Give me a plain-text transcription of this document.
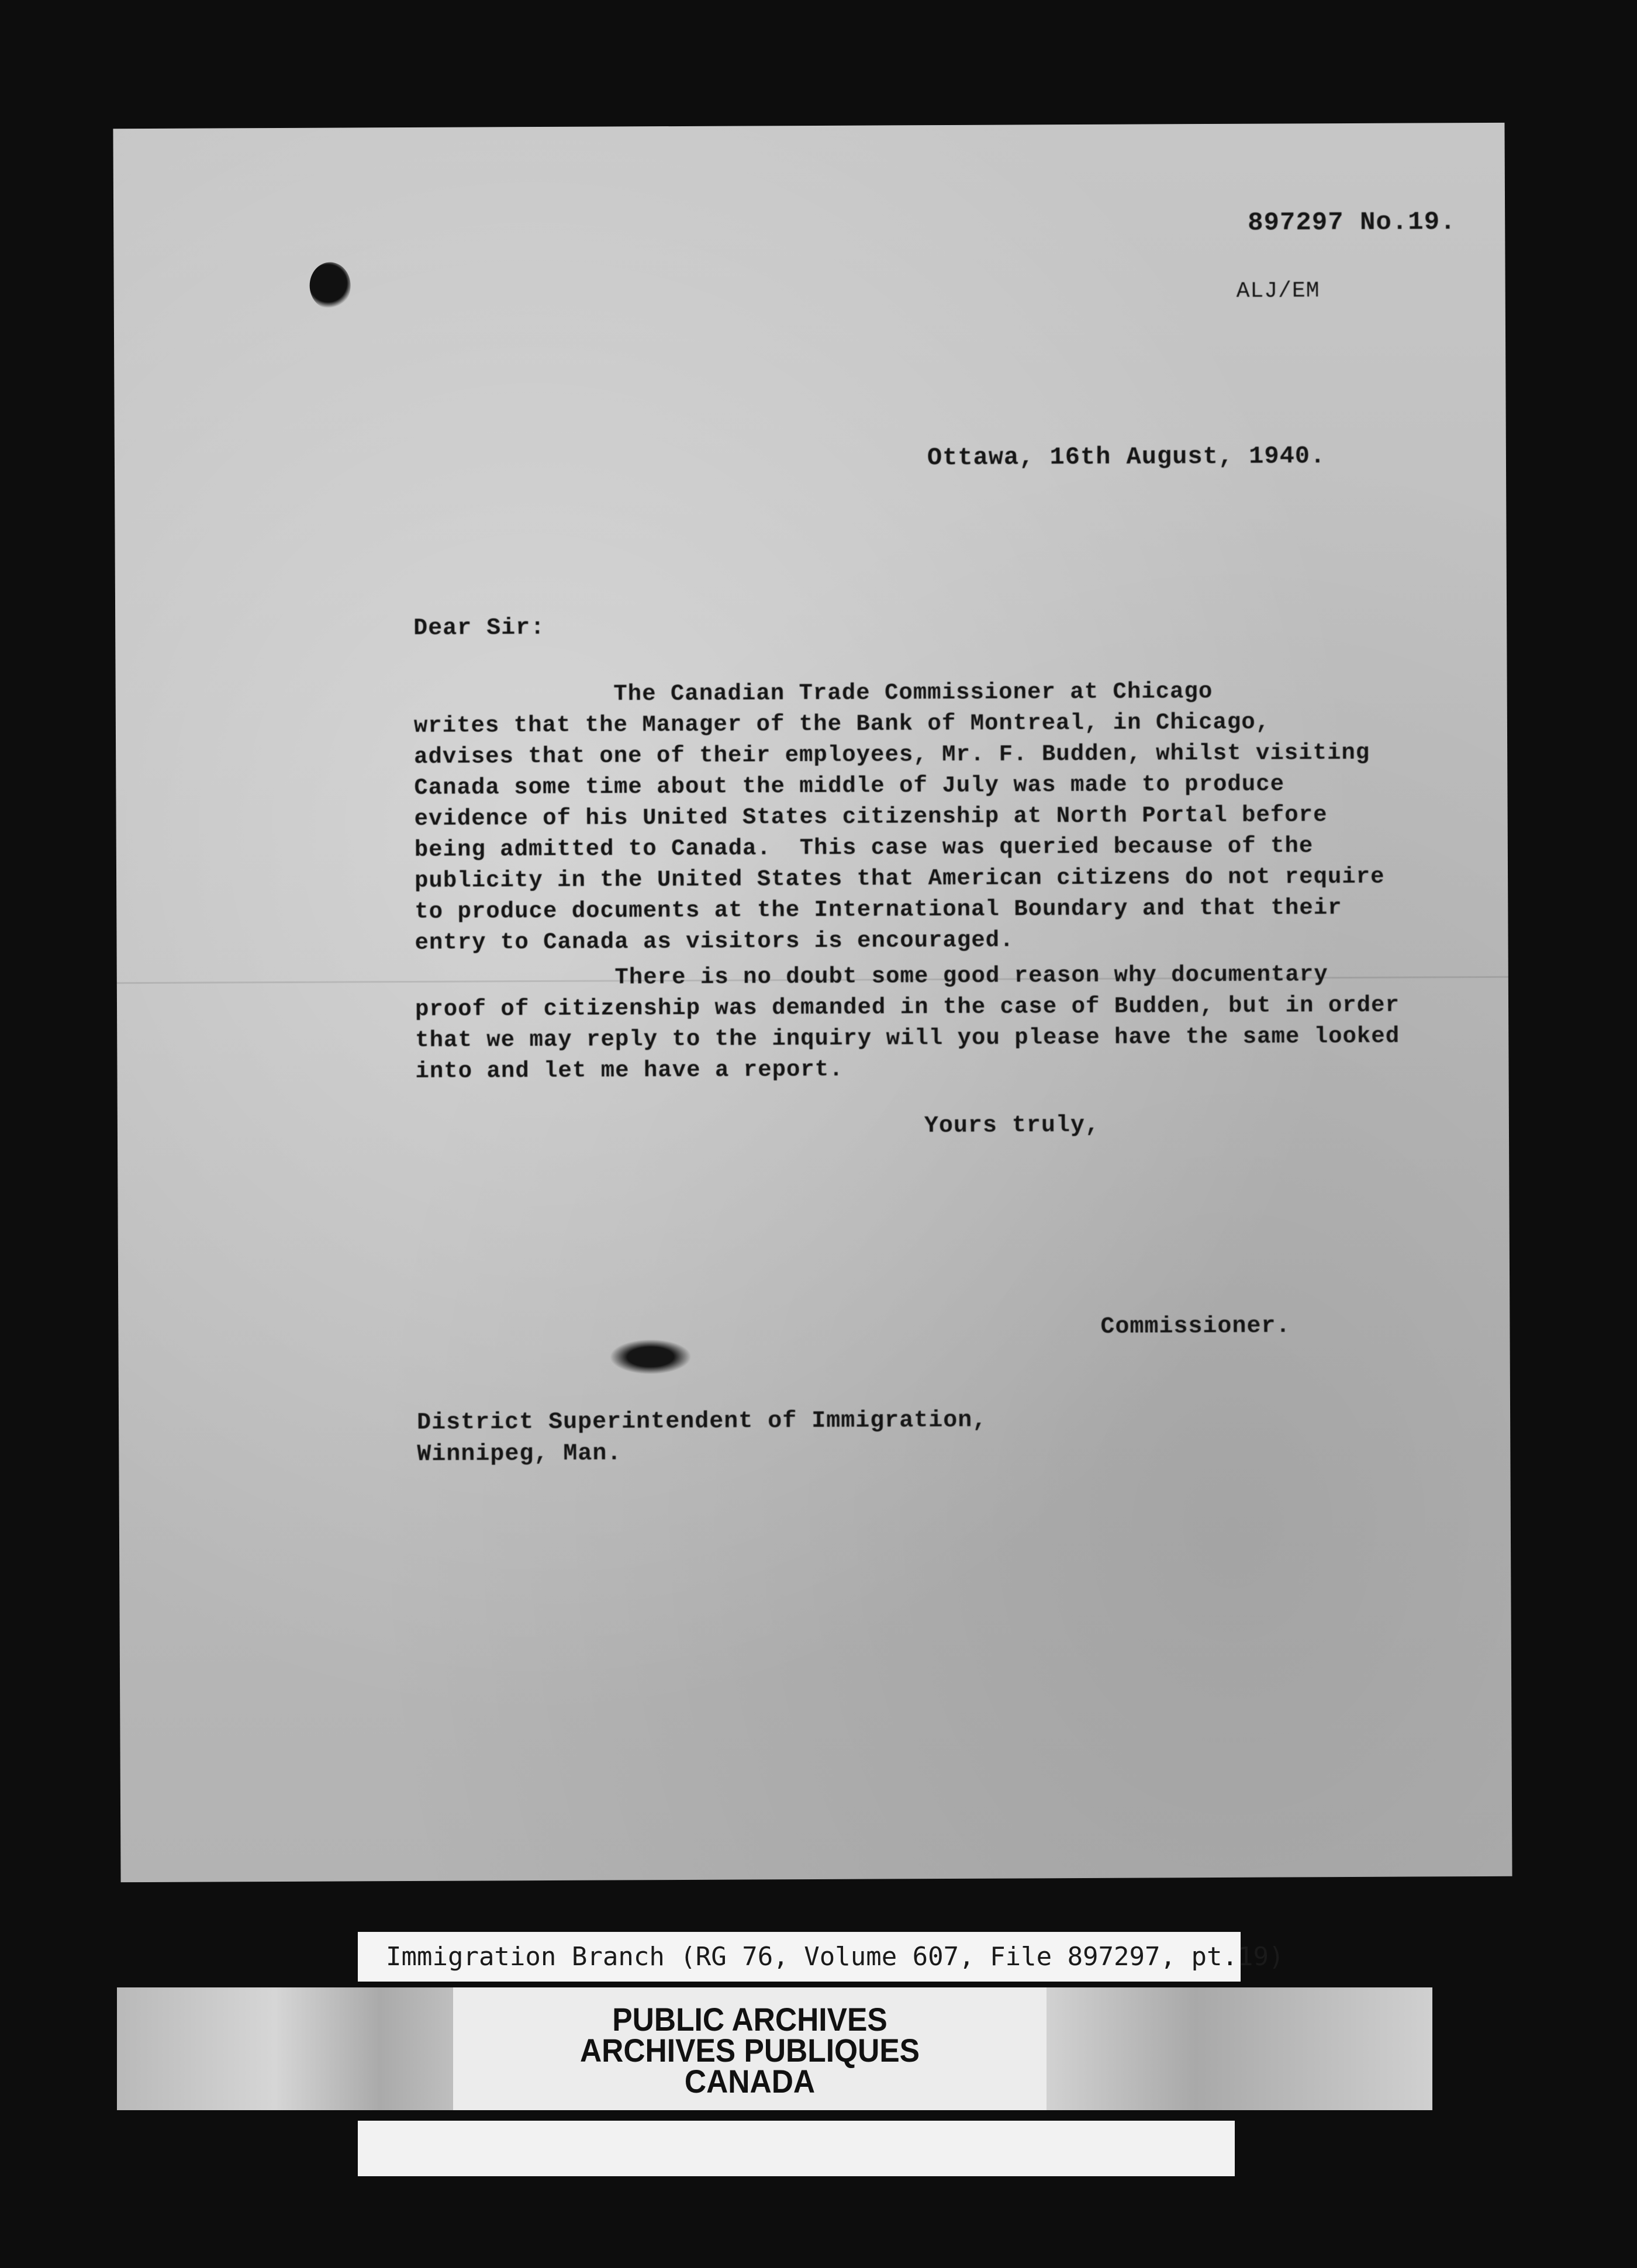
897297 No.19.
ALJ/EM
Ottawa, 16th August, 1940.
Dear Sir:
The Canadian Trade Commissioner at Chicago
writes that the Manager of the Bank of Montreal, in Chicago,
advises that one of their employees, Mr. F. Budden, whilst visiting
Canada some time about the middle of July was made to produce
evidence of his United States citizenship at North Portal before
being admitted to Canada.  This case was queried because of the
publicity in the United States that American citizens do not require
to produce documents at the International Boundary and that their
entry to Canada as visitors is encouraged.
There is no doubt some good reason why documentary
proof of citizenship was demanded in the case of Budden, but in order
that we may reply to the inquiry will you please have the same looked
into and let me have a report.
Yours truly,
Commissioner.
District Superintendent of Immigration,
Winnipeg, Man.
Immigration Branch (RG 76, Volume 607, File 897297, pt.19)
PUBLIC ARCHIVES
ARCHIVES PUBLIQUES
CANADA
